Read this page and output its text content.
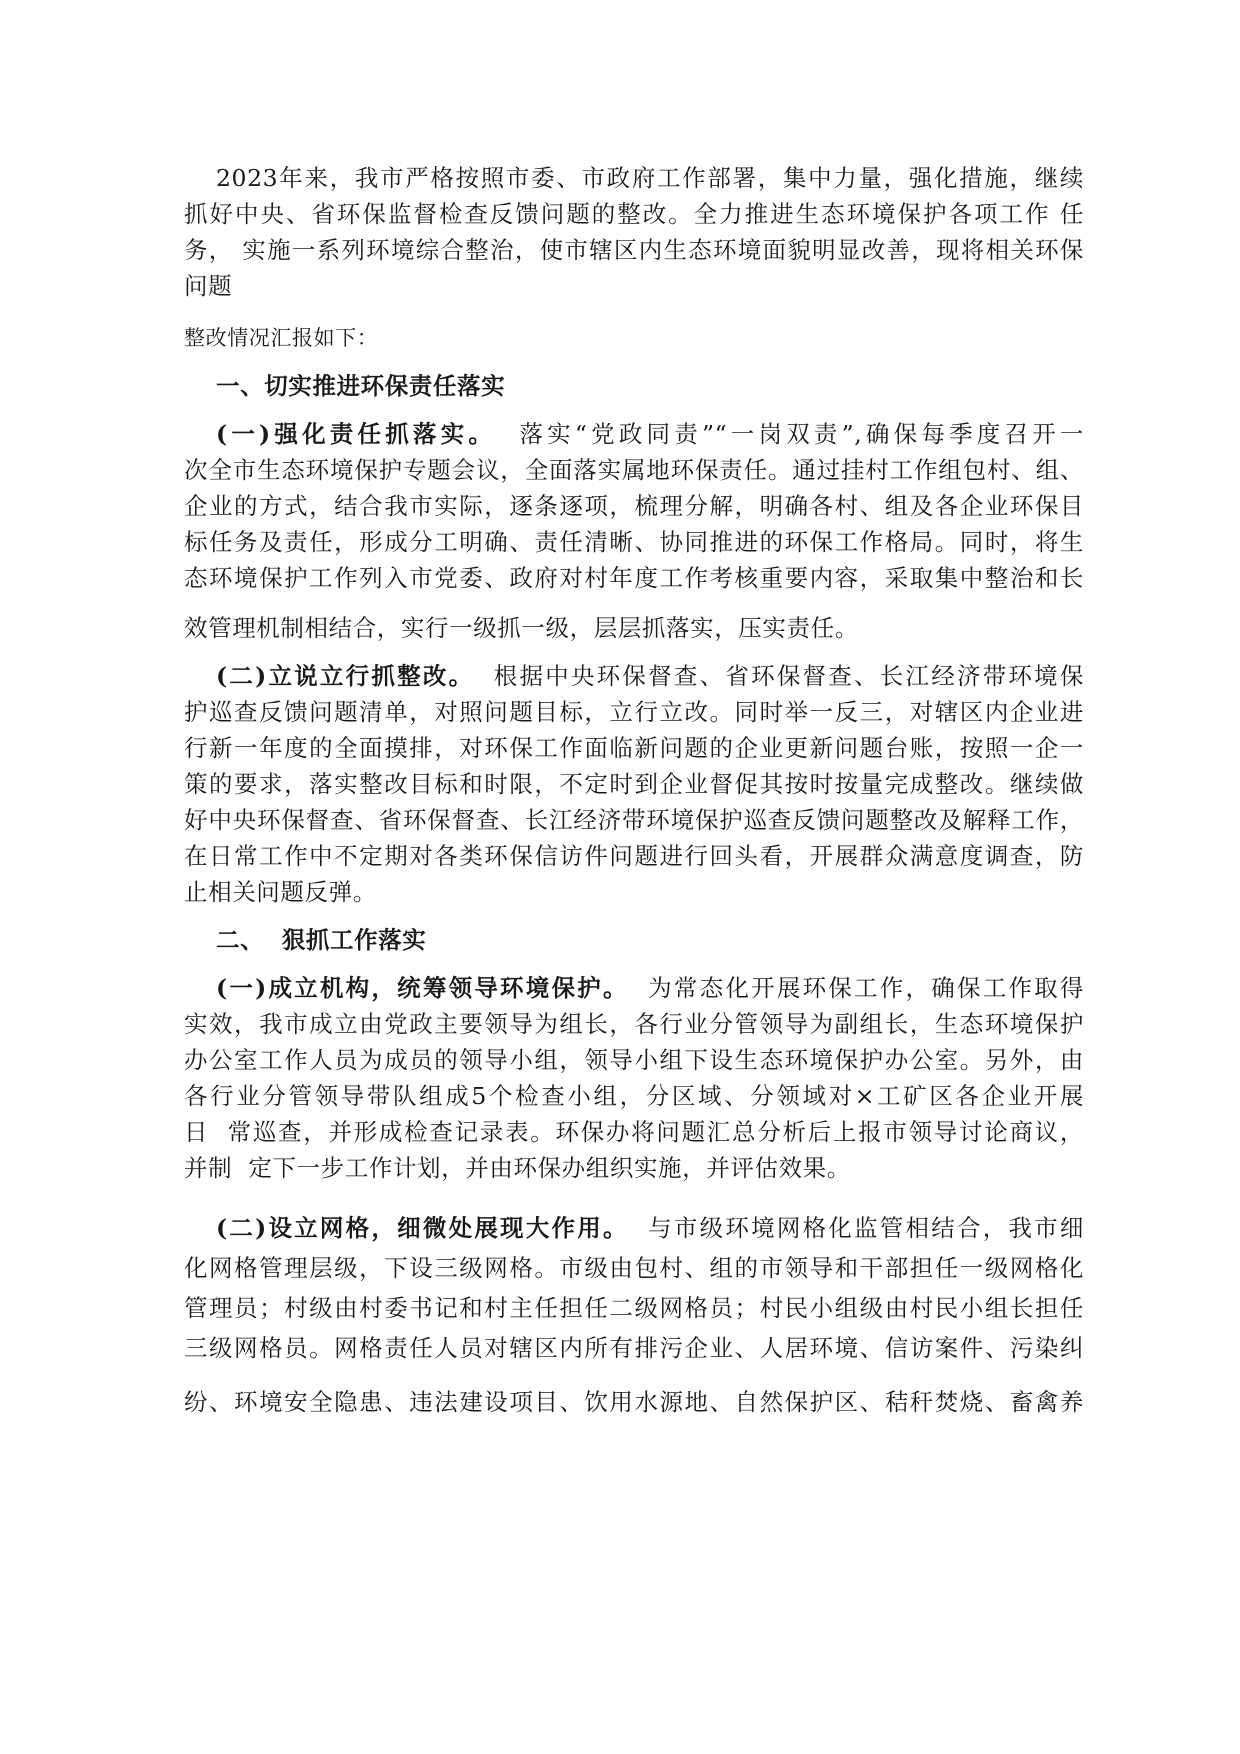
2023年来，我市严格按照市委、市政府工作部署，集中力量，强化措施，继续
抓好中央、省环保监督检查反馈问题的整改。全力推进生态环境保护各项工作 任
务， 实施一系列环境综合整治，使市辖区内生态环境面貌明显改善，现将相关环保
问题
整改情况汇报如下：
一、切实推进环保责任落实
(一)强化责任抓落实。 落实“党政同责”“一岗双责”,确保每季度召开一
次全市生态环境保护专题会议，全面落实属地环保责任。通过挂村工作组包村、组、
企业的方式，结合我市实际，逐条逐项，梳理分解，明确各村、组及各企业环保目
标任务及责任，形成分工明确、责任清晰、协同推进的环保工作格局。同时，将生
态环境保护工作列入市党委、政府对村年度工作考核重要内容，采取集中整治和长
效管理机制相结合，实行一级抓一级，层层抓落实，压实责任。
(二)立说立行抓整改。 根据中央环保督查、省环保督查、长江经济带环境保
护巡查反馈问题清单，对照问题目标，立行立改。同时举一反三，对辖区内企业进
行新一年度的全面摸排，对环保工作面临新问题的企业更新问题台账，按照一企一
策的要求，落实整改目标和时限，不定时到企业督促其按时按量完成整改。继续做
好中央环保督查、省环保督查、长江经济带环境保护巡查反馈问题整改及解释工作，
在日常工作中不定期对各类环保信访件问题进行回头看，开展群众满意度调查，防
止相关问题反弹。
二、  狠抓工作落实
(一)成立机构，统筹领导环境保护。 为常态化开展环保工作，确保工作取得
实效，我市成立由党政主要领导为组长，各行业分管领导为副组长，生态环境保护
办公室工作人员为成员的领导小组，领导小组下设生态环境保护办公室。另外，由
各行业分管领导带队组成5个检查小组，分区域、分领域对×工矿区各企业开展
日  常巡查，并形成检查记录表。环保办将问题汇总分析后上报市领导讨论商议，
并制  定下一步工作计划，并由环保办组织实施，并评估效果。
(二)设立网格，细微处展现大作用。 与市级环境网格化监管相结合，我市细
化网格管理层级，下设三级网格。市级由包村、组的市领导和干部担任一级网格化
管理员；村级由村委书记和村主任担任二级网格员；村民小组级由村民小组长担任
三级网格员。网格责任人员对辖区内所有排污企业、人居环境、信访案件、污染纠
纷、环境安全隐患、违法建设项目、饮用水源地、自然保护区、秸秆焚烧、畜禽养
